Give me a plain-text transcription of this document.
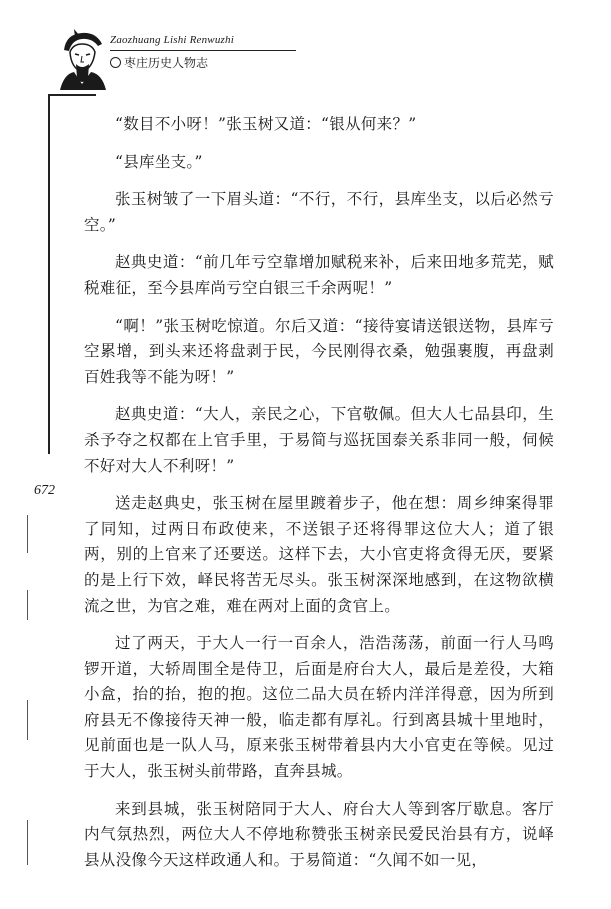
Zaozhuang Lishi Renwuzhi
枣庄历史人物志
672

“数目不小呀！”张玉树又道：“银从何来？”

“县库坐支。”

张玉树皱了一下眉头道：“不行，不行，县库坐支，以后必然亏空。”

赵典史道：“前几年亏空靠增加赋税来补，后来田地多荒芜，赋税难征，至今县库尚亏空白银三千余两呢！”

“啊！”张玉树吃惊道。尔后又道：“接待宴请送银送物，县库亏空累增，到头来还将盘剥于民，今民刚得衣桑，勉强裹腹，再盘剥百姓我等不能为呀！”

赵典史道：“大人，亲民之心，下官敬佩。但大人七品县印，生杀予夺之权都在上官手里，于易简与巡抚国泰关系非同一般，伺候不好对大人不利呀！”

送走赵典史，张玉树在屋里踱着步子，他在想：周乡绅案得罪了同知，过两日布政使来，不送银子还将得罪这位大人；道了银两，别的上官来了还要送。这样下去，大小官吏将贪得无厌，要紧的是上行下效，峄民将苦无尽头。张玉树深深地感到，在这物欲横流之世，为官之难，难在两对上面的贪官上。

过了两天，于大人一行一百余人，浩浩荡荡，前面一行人马鸣锣开道，大轿周围全是侍卫，后面是府台大人，最后是差役，大箱小盒，抬的抬，抱的抱。这位二品大员在轿内洋洋得意，因为所到府县无不像接待天神一般，临走都有厚礼。行到离县城十里地时，见前面也是一队人马，原来张玉树带着县内大小官吏在等候。见过于大人，张玉树头前带路，直奔县城。

来到县城，张玉树陪同于大人、府台大人等到客厅歇息。客厅内气氛热烈，两位大人不停地称赞张玉树亲民爱民治县有方，说峄县从没像今天这样政通人和。于易简道：“久闻不如一见，
